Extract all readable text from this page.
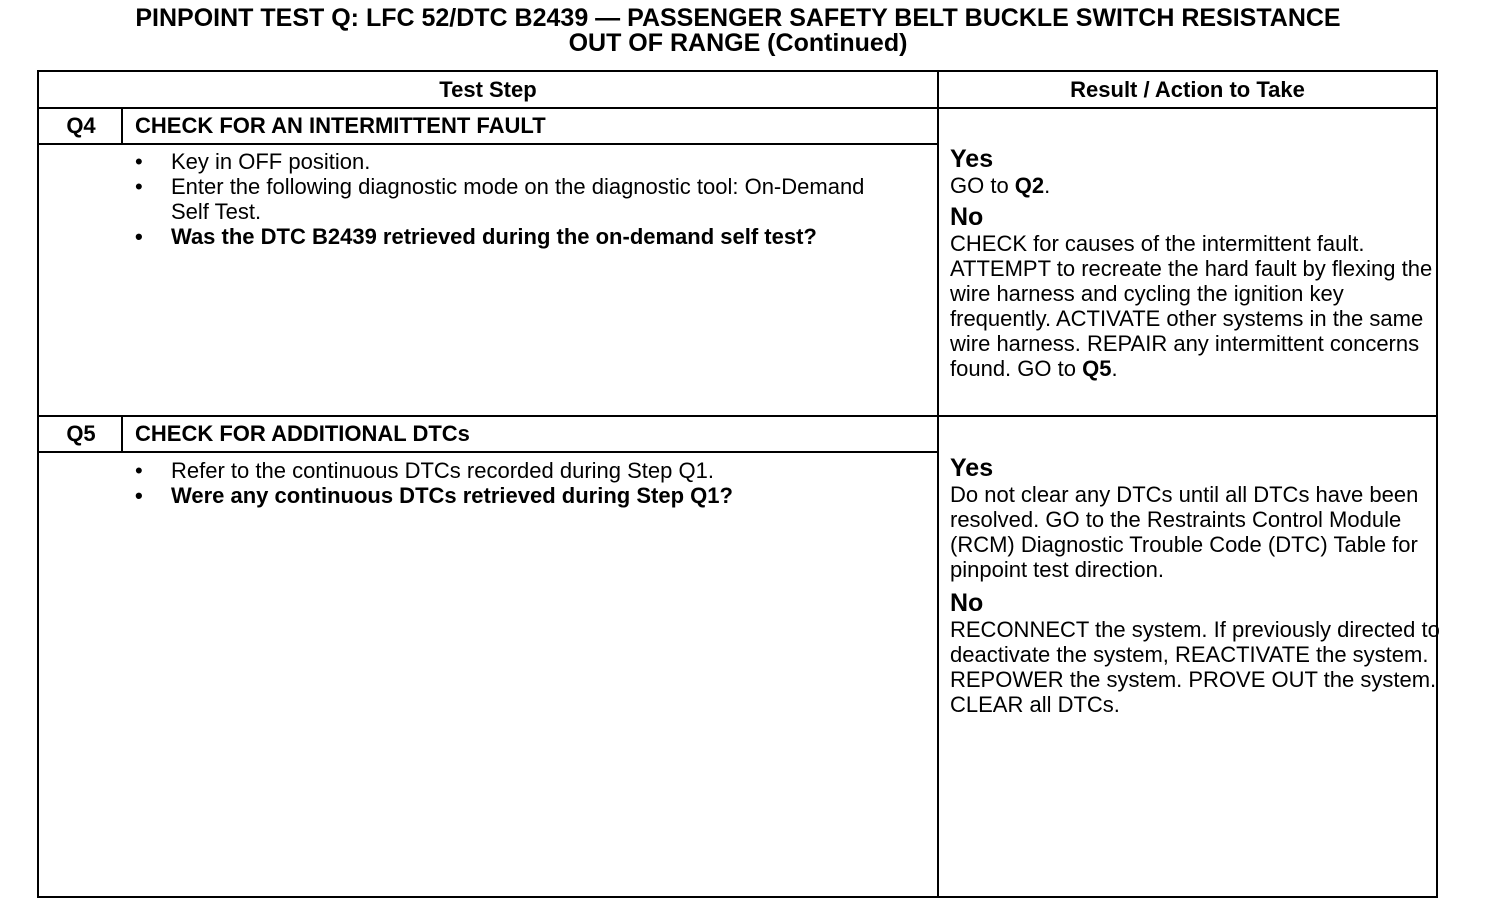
PINPOINT TEST Q: LFC 52/DTC B2439 — PASSENGER SAFETY BELT BUCKLE SWITCH RESISTANCE
OUT OF RANGE (Continued)
Test Step	Result / Action to Take
Q4	CHECK FOR AN INTERMITTENT FAULT
• Key in OFF position.
• Enter the following diagnostic mode on the diagnostic tool: On-Demand Self Test.
• Was the DTC B2439 retrieved during the on-demand self test?
Yes
GO to Q2.
No
CHECK for causes of the intermittent fault. ATTEMPT to recreate the hard fault by flexing the wire harness and cycling the ignition key frequently. ACTIVATE other systems in the same wire harness. REPAIR any intermittent concerns found. GO to Q5.
Q5	CHECK FOR ADDITIONAL DTCs
• Refer to the continuous DTCs recorded during Step Q1.
• Were any continuous DTCs retrieved during Step Q1?
Yes
Do not clear any DTCs until all DTCs have been resolved. GO to the Restraints Control Module (RCM) Diagnostic Trouble Code (DTC) Table for pinpoint test direction.
No
RECONNECT the system. If previously directed to deactivate the system, REACTIVATE the system. REPOWER the system. PROVE OUT the system. CLEAR all DTCs.
